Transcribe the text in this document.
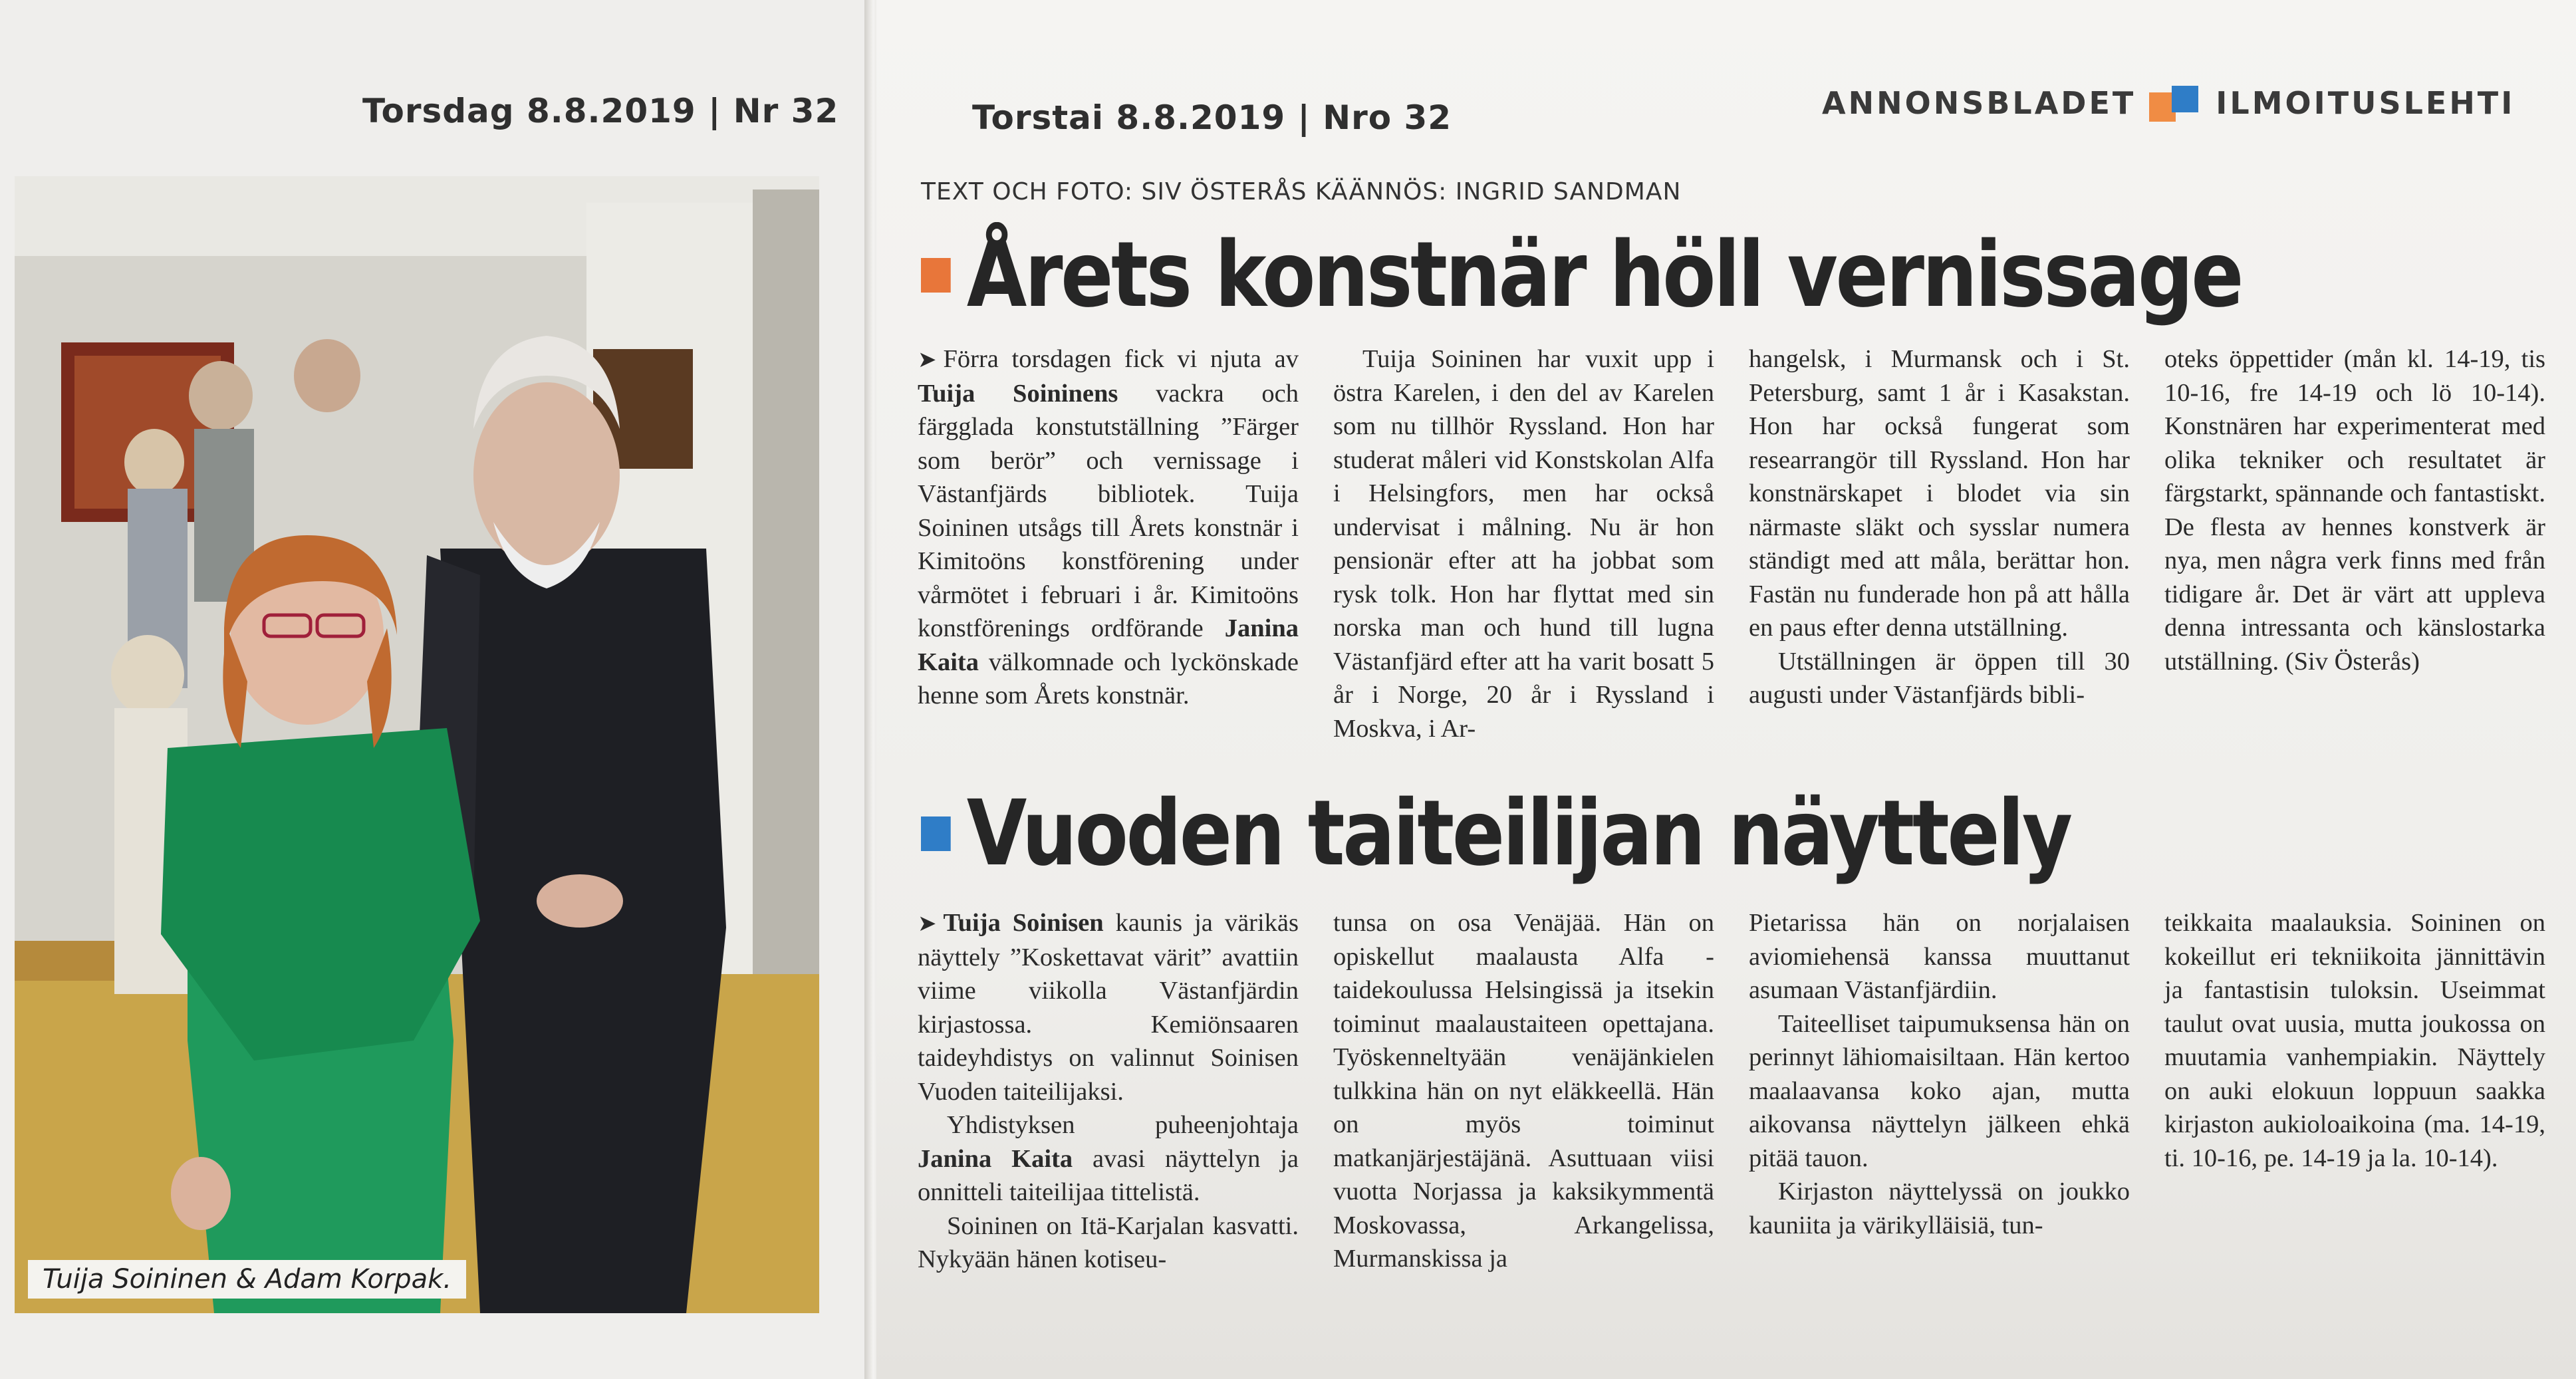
Torsdag 8.8.2019 | Nr 32	Torstai 8.8.2019 | Nro 32	ANNONSBLADET	ILMOITUSLEHTI
Tuija Soininen & Adam Korpak.
TEXT OCH FOTO: SIV ÖSTERÅS KÄÄNNÖS: INGRID SANDMAN
Årets konstnär höll vernissage

➤ Förra torsdagen fick vi njuta av Tuija Soininens vackra och färgglada konstutställning ”Färger som berör” och vernissage i Västanfjärds bibliotek. Tuija Soininen utsågs till Årets konstnär i Kimitoöns konstförening under vårmötet i februari i år. Kimitoöns konstförenings ordförande Janina Kaita välkomnade och lyckönskade henne som Årets konstnär.

Tuija Soininen har vuxit upp i östra Karelen, i den del av Karelen som nu tillhör Ryssland. Hon har studerat måleri vid Konstskolan Alfa i Helsingfors, men har också undervisat i målning. Nu är hon pensionär efter att ha jobbat som rysk tolk. Hon har flyttat med sin norska man och hund till lugna Västanfjärd efter att ha varit bosatt 5 år i Norge, 20 år i Ryssland i Moskva, i Ar-

hangelsk, i Murmansk och i St. Petersburg, samt 1 år i Kasakstan. Hon har också fungerat som researrangör till Ryssland. Hon har konstnärskapet i blodet via sin närmaste släkt och sysslar numera ständigt med att måla, berättar hon. Fastän nu funderade hon på att hålla en paus efter denna utställning.

Utställningen är öppen till 30 augusti under Västanfjärds bibli-

oteks öppettider (mån kl. 14-19, tis 10-16, fre 14-19 och lö 10-14). Konstnären har experimenterat med olika tekniker och resultatet är färgstarkt, spännande och fantastiskt. De flesta av hennes konstverk är nya, men några verk finns med från tidigare år. Det är värt att uppleva denna intressanta och känslostarka utställning. (Siv Österås)

Vuoden taiteilijan näyttely

➤ Tuija Soinisen kaunis ja värikäs näyttely ”Koskettavat värit” avattiin viime viikolla Västanfjärdin kirjastossa. Kemiönsaaren taideyhdistys on valinnut Soinisen Vuoden taiteilijaksi.

Yhdistyksen puheenjohtaja Janina Kaita avasi näyttelyn ja onnitteli taiteilijaa tittelistä.

Soininen on Itä-Karjalan kasvatti. Nykyään hänen kotiseu-

tunsa on osa Venäjää. Hän on opiskellut maalausta Alfa -taidekoulussa Helsingissä ja itsekin toiminut maalaustaiteen opettajana. Työskenneltyään venäjänkielen tulkkina hän on nyt eläkkeellä. Hän on myös toiminut matkanjärjestäjänä. Asuttuaan viisi vuotta Norjassa ja kaksikymmentä Moskovassa, Arkangelissa, Murmanskissa ja

Pietarissa hän on norjalaisen aviomiehensä kanssa muuttanut asumaan Västanfjärdiin.

Taiteelliset taipumuksensa hän on perinnyt lähiomaisiltaan. Hän kertoo maalaavansa koko ajan, mutta aikovansa näyttelyn jälkeen ehkä pitää tauon.

Kirjaston näyttelyssä on joukko kauniita ja värikylläisiä, tun-

teikkaita maalauksia. Soininen on kokeillut eri tekniikoita jännittävin ja fantastisin tuloksin. Useimmat taulut ovat uusia, mutta joukossa on muutamia vanhempiakin. Näyttely on auki elokuun loppuun saakka kirjaston aukioloaikoina (ma. 14-19, ti. 10-16, pe. 14-19 ja la. 10-14).
